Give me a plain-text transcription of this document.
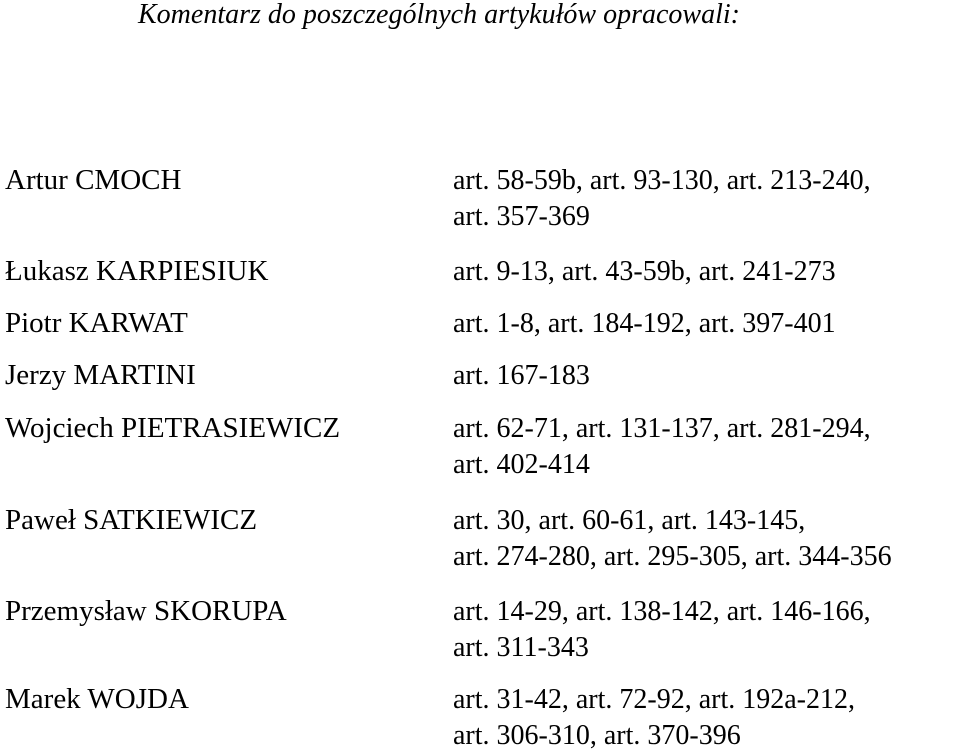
Komentarz do poszczególnych artykułów opracowali:
Artur CMOCH	art. 58-59b, art. 93-130, art. 213-240,
art. 357-369
Łukasz KARPIESIUK	art. 9-13, art. 43-59b, art. 241-273
Piotr KARWAT	art. 1-8, art. 184-192, art. 397-401
Jerzy MARTINI	art. 167-183
Wojciech PIETRASIEWICZ	art. 62-71, art. 131-137, art. 281-294,
art. 402-414
Paweł SATKIEWICZ	art. 30, art. 60-61, art. 143-145,
art. 274-280, art. 295-305, art. 344-356
Przemysław SKORUPA	art. 14-29, art. 138-142, art. 146-166,
art. 311-343
Marek WOJDA	art. 31-42, art. 72-92, art. 192a-212,
art. 306-310, art. 370-396
